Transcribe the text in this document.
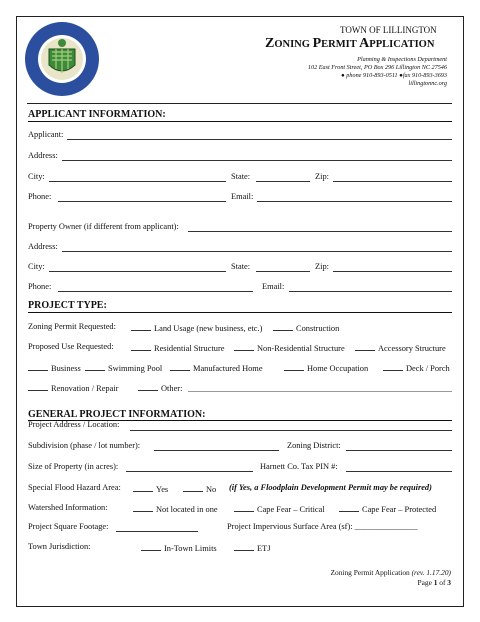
TOWN OF LILLINGTON
ZONING PERMIT APPLICATION
Planning & Inspections Department
102 East Front Street, PO Box 296 Lillington NC 27546
● phone 910-893-0511 ●fax 910-893-3693
lillingtonnc.org
APPLICANT INFORMATION:
Applicant:
Address:
City:	State:	Zip:
Phone:	Email:
Property Owner (if different from applicant):
Address:
City:	State:	Zip:
Phone:	Email:
PROJECT TYPE:
Zoning Permit Requested:	Land Usage (new business, etc.)	Construction
Proposed Use Requested:	Residential Structure	Non-Residential Structure	Accessory Structure
Business	Swimming Pool	Manufactured Home	Home Occupation	Deck / Porch
Renovation / Repair	Other:
GENERAL PROJECT INFORMATION:
Project Address / Location:
Subdivision (phase / lot number):	Zoning District:
Size of Property (in acres):	Harnett Co. Tax PIN #:
Special Flood Hazard Area:	Yes	No (if Yes, a Floodplain Development Permit may be required)
Watershed Information:	Not located in one	Cape Fear – Critical	Cape Fear – Protected
Project Square Footage:	Project Impervious Surface Area (sf): _______________
Town Jurisdiction:	In-Town Limits	ETJ
Zoning Permit Application (rev. 1.17.20)
Page 1 of 3
